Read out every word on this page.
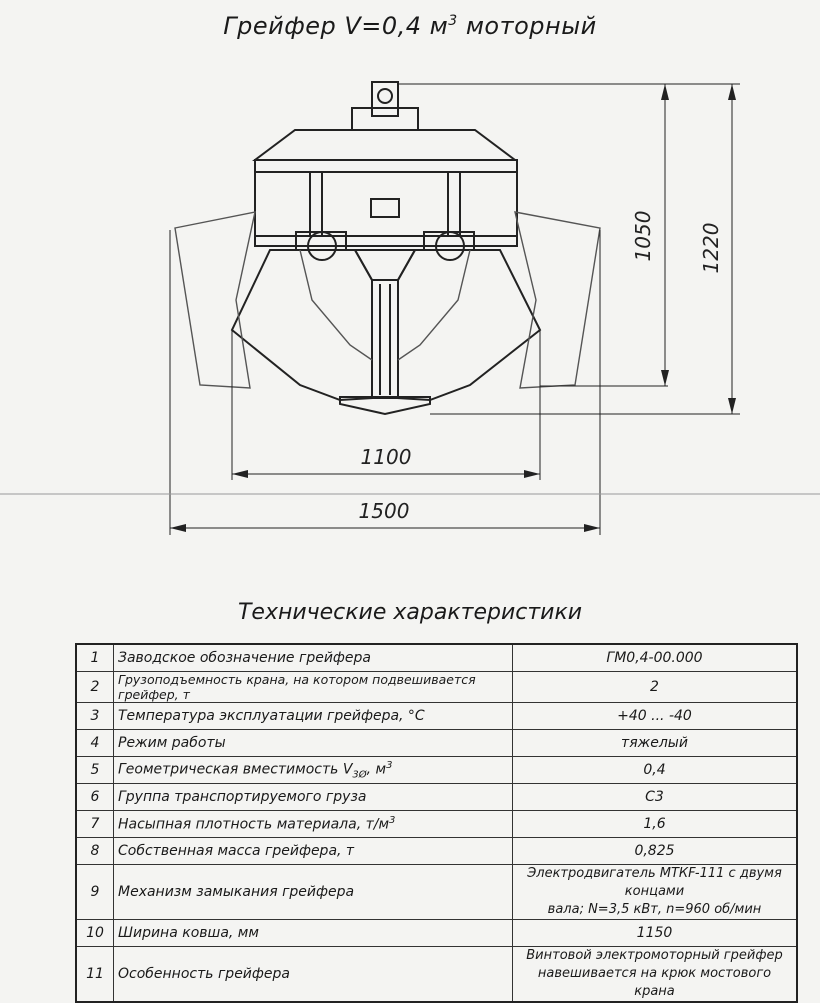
Грейфер V=0,4 $м^3$ моторный
1050 1220
1100
1500
Технические характеристики
1	Заводское обозначение грейфера	ГМ0,4-00.000
2	Грузоподъемность крана, на котором подвешивается грейфер, т	2
3	Температура эксплуатации грейфера, °С	+40 ... -40
4	Режим работы	тяжелый
5	Геометрическая вместимость $V_{3Ø}$, $м^3$	0,4
6	Группа транспортируемого груза	С3
7	Насыпная плотность материала, $т/м^3$	1,6
8	Собственная масса грейфера, т	0,825
9	Механизм замыкания грейфера	Электродвигатель МТКF-111 с двумя концами
вала; N=3,5 кВт, n=960 об/мин

10	Ширина ковша, мм	1150
11	Особенность грейфера	Винтовой электромоторный грейфер
навешивается на крюк мостового крана
